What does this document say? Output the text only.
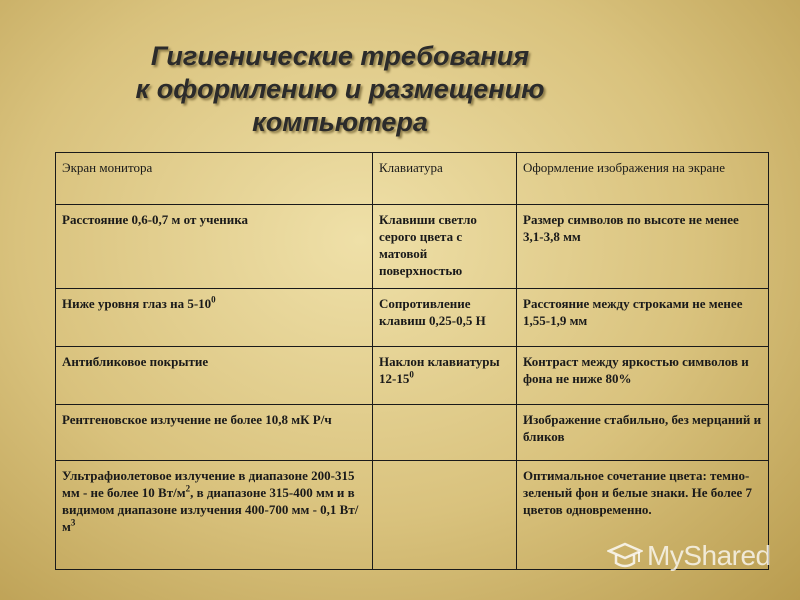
Гигиенические требования
к оформлению и размещению
компьютера
Экран монитора	Клавиатура	Оформление изображения на экране
Расстояние 0,6-0,7 м от ученика	Клавиши светло серого цвета с матовой поверхностью	Размер символов по высоте не менее 3,1-3,8 мм
Ниже уровня глаз на $5-10^0$	Сопротивление клавиш 0,25-0,5 Н	Расстояние между строками не менее 1,55-1,9 мм
Антибликовое покрытие	Наклон клавиатуры $12-15^0$	Контраст между яркостью символов и фона не ниже 80%
Рентгеновское излучение не более 10,8 мК Р/ч		Изображение стабильно, без мерцаний и бликов
Ультрафиолетовое излучение в диапазоне 200-315 мм - не более 10 $Вт/м^2$, в диапазоне 315-400 мм и в видимом диапазоне излучения 400-700 мм - 0,1 $Вт/м^3$		Оптимальное сочетание цвета: темно-зеленый фон и белые знаки. Не более 7 цветов одновременно.
MyShared
